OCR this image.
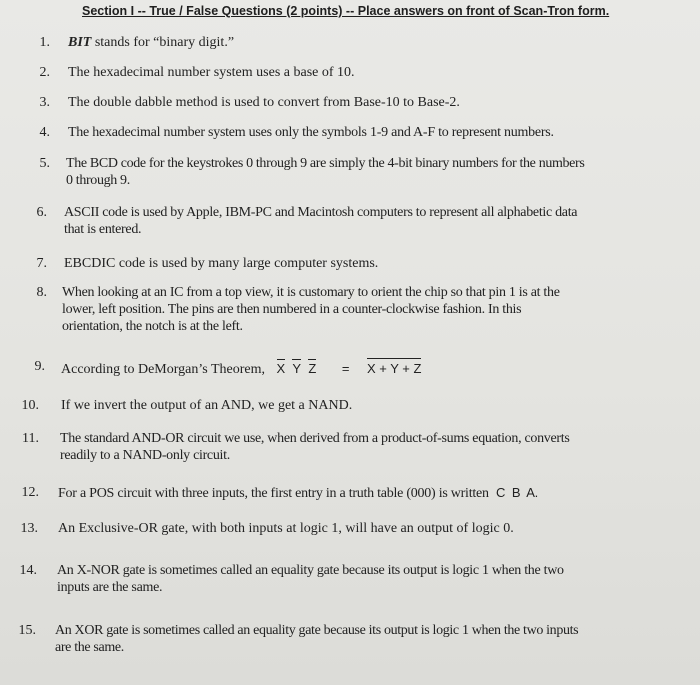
Section I -- True / False Questions (2 points) -- Place answers on front of Scan-Tron form.
1. BIT stands for “binary digit.”
2. The hexadecimal number system uses a base of 10.
3. The double dabble method is used to convert from Base-10 to Base-2.
4. The hexadecimal number system uses only the symbols 1-9 and A-F to represent numbers.
5. The BCD code for the keystrokes 0 through 9 are simply the 4-bit binary numbers for the numbers
0 through 9.
6. ASCII code is used by Apple, IBM-PC and Macintosh computers to represent all alphabetic data
that is entered.
7. EBCDIC code is used by many large computer systems.
8. When looking at an IC from a top view, it is customary to orient the chip so that pin 1 is at the
lower, left position. The pins are then numbered in a counter-clockwise fashion. In this
orientation, the notch is at the left.
9. According to DeMorgan’s Theorem, X Y Z = X + Y + Z
10. If we invert the output of an AND, we get a NAND.
11. The standard AND-OR circuit we use, when derived from a product-of-sums equation, converts
readily to a NAND-only circuit.
12. For a POS circuit with three inputs, the first entry in a truth table (000) is written C  B  A.
13. An Exclusive-OR gate, with both inputs at logic 1, will have an output of logic 0.
14. An X-NOR gate is sometimes called an equality gate because its output is logic 1 when the two
inputs are the same.
15. An XOR gate is sometimes called an equality gate because its output is logic 1 when the two inputs
are the same.
